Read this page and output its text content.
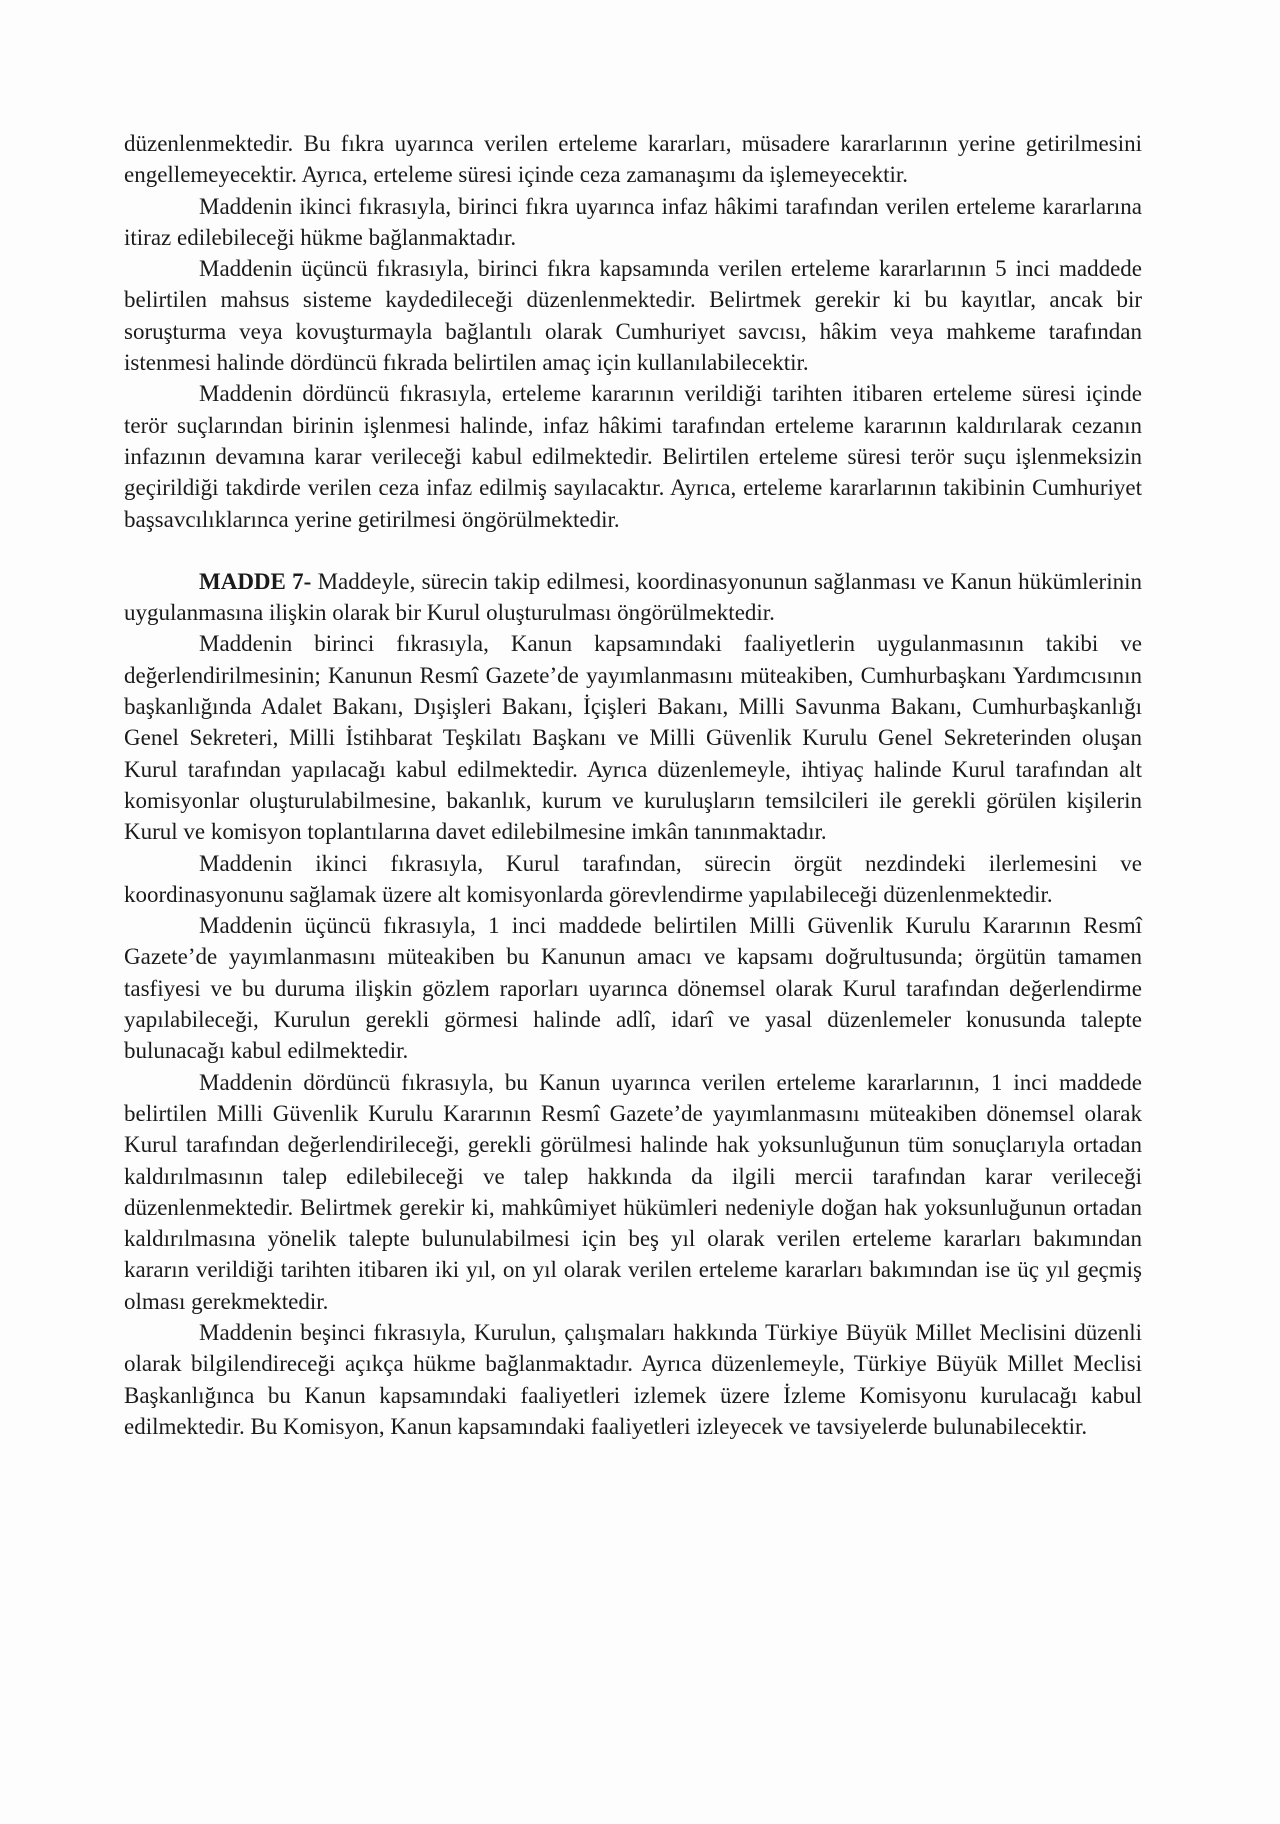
düzenlenmektedir. Bu fıkra uyarınca verilen erteleme kararları, müsadere kararlarının yerine getirilmesini engellemeyecektir. Ayrıca, erteleme süresi içinde ceza zamanaşımı da işlemeyecektir.

Maddenin ikinci fıkrasıyla, birinci fıkra uyarınca infaz hâkimi tarafından verilen erteleme kararlarına itiraz edilebileceği hükme bağlanmaktadır.

Maddenin üçüncü fıkrasıyla, birinci fıkra kapsamında verilen erteleme kararlarının 5 inci maddede belirtilen mahsus sisteme kaydedileceği düzenlenmektedir. Belirtmek gerekir ki bu kayıtlar, ancak bir soruşturma veya kovuşturmayla bağlantılı olarak Cumhuriyet savcısı, hâkim veya mahkeme tarafından istenmesi halinde dördüncü fıkrada belirtilen amaç için kullanılabilecektir.

Maddenin dördüncü fıkrasıyla, erteleme kararının verildiği tarihten itibaren erteleme süresi içinde terör suçlarından birinin işlenmesi halinde, infaz hâkimi tarafından erteleme kararının kaldırılarak cezanın infazının devamına karar verileceği kabul edilmektedir. Belirtilen erteleme süresi terör suçu işlenmeksizin geçirildiği takdirde verilen ceza infaz edilmiş sayılacaktır. Ayrıca, erteleme kararlarının takibinin Cumhuriyet başsavcılıklarınca yerine getirilmesi öngörülmektedir.

MADDE 7- Maddeyle, sürecin takip edilmesi, koordinasyonunun sağlanması ve Kanun hükümlerinin uygulanmasına ilişkin olarak bir Kurul oluşturulması öngörülmektedir.

Maddenin birinci fıkrasıyla, Kanun kapsamındaki faaliyetlerin uygulanmasının takibi ve değerlendirilmesinin; Kanunun Resmî Gazete’de yayımlanmasını müteakiben, Cumhurbaşkanı Yardımcısının başkanlığında Adalet Bakanı, Dışişleri Bakanı, İçişleri Bakanı, Milli Savunma Bakanı, Cumhurbaşkanlığı Genel Sekreteri, Milli İstihbarat Teşkilatı Başkanı ve Milli Güvenlik Kurulu Genel Sekreterinden oluşan Kurul tarafından yapılacağı kabul edilmektedir. Ayrıca düzenlemeyle, ihtiyaç halinde Kurul tarafından alt komisyonlar oluşturulabilmesine, bakanlık, kurum ve kuruluşların temsilcileri ile gerekli görülen kişilerin Kurul ve komisyon toplantılarına davet edilebilmesine imkân tanınmaktadır.

Maddenin ikinci fıkrasıyla, Kurul tarafından, sürecin örgüt nezdindeki ilerlemesini ve koordinasyonunu sağlamak üzere alt komisyonlarda görevlendirme yapılabileceği düzenlenmektedir.

Maddenin üçüncü fıkrasıyla, 1 inci maddede belirtilen Milli Güvenlik Kurulu Kararının Resmî Gazete’de yayımlanmasını müteakiben bu Kanunun amacı ve kapsamı doğrultusunda; örgütün tamamen tasfiyesi ve bu duruma ilişkin gözlem raporları uyarınca dönemsel olarak Kurul tarafından değerlendirme yapılabileceği, Kurulun gerekli görmesi halinde adlî, idarî ve yasal düzenlemeler konusunda talepte bulunacağı kabul edilmektedir.

Maddenin dördüncü fıkrasıyla, bu Kanun uyarınca verilen erteleme kararlarının, 1 inci maddede belirtilen Milli Güvenlik Kurulu Kararının Resmî Gazete’de yayımlanmasını müteakiben dönemsel olarak Kurul tarafından değerlendirileceği, gerekli görülmesi halinde hak yoksunluğunun tüm sonuçlarıyla ortadan kaldırılmasının talep edilebileceği ve talep hakkında da ilgili mercii tarafından karar verileceği düzenlenmektedir. Belirtmek gerekir ki, mahkûmiyet hükümleri nedeniyle doğan hak yoksunluğunun ortadan kaldırılmasına yönelik talepte bulunulabilmesi için beş yıl olarak verilen erteleme kararları bakımından kararın verildiği tarihten itibaren iki yıl, on yıl olarak verilen erteleme kararları bakımından ise üç yıl geçmiş olması gerekmektedir.

Maddenin beşinci fıkrasıyla, Kurulun, çalışmaları hakkında Türkiye Büyük Millet Meclisini düzenli olarak bilgilendireceği açıkça hükme bağlanmaktadır. Ayrıca düzenlemeyle, Türkiye Büyük Millet Meclisi Başkanlığınca bu Kanun kapsamındaki faaliyetleri izlemek üzere İzleme Komisyonu kurulacağı kabul edilmektedir. Bu Komisyon, Kanun kapsamındaki faaliyetleri izleyecek ve tavsiyelerde bulunabilecektir.
